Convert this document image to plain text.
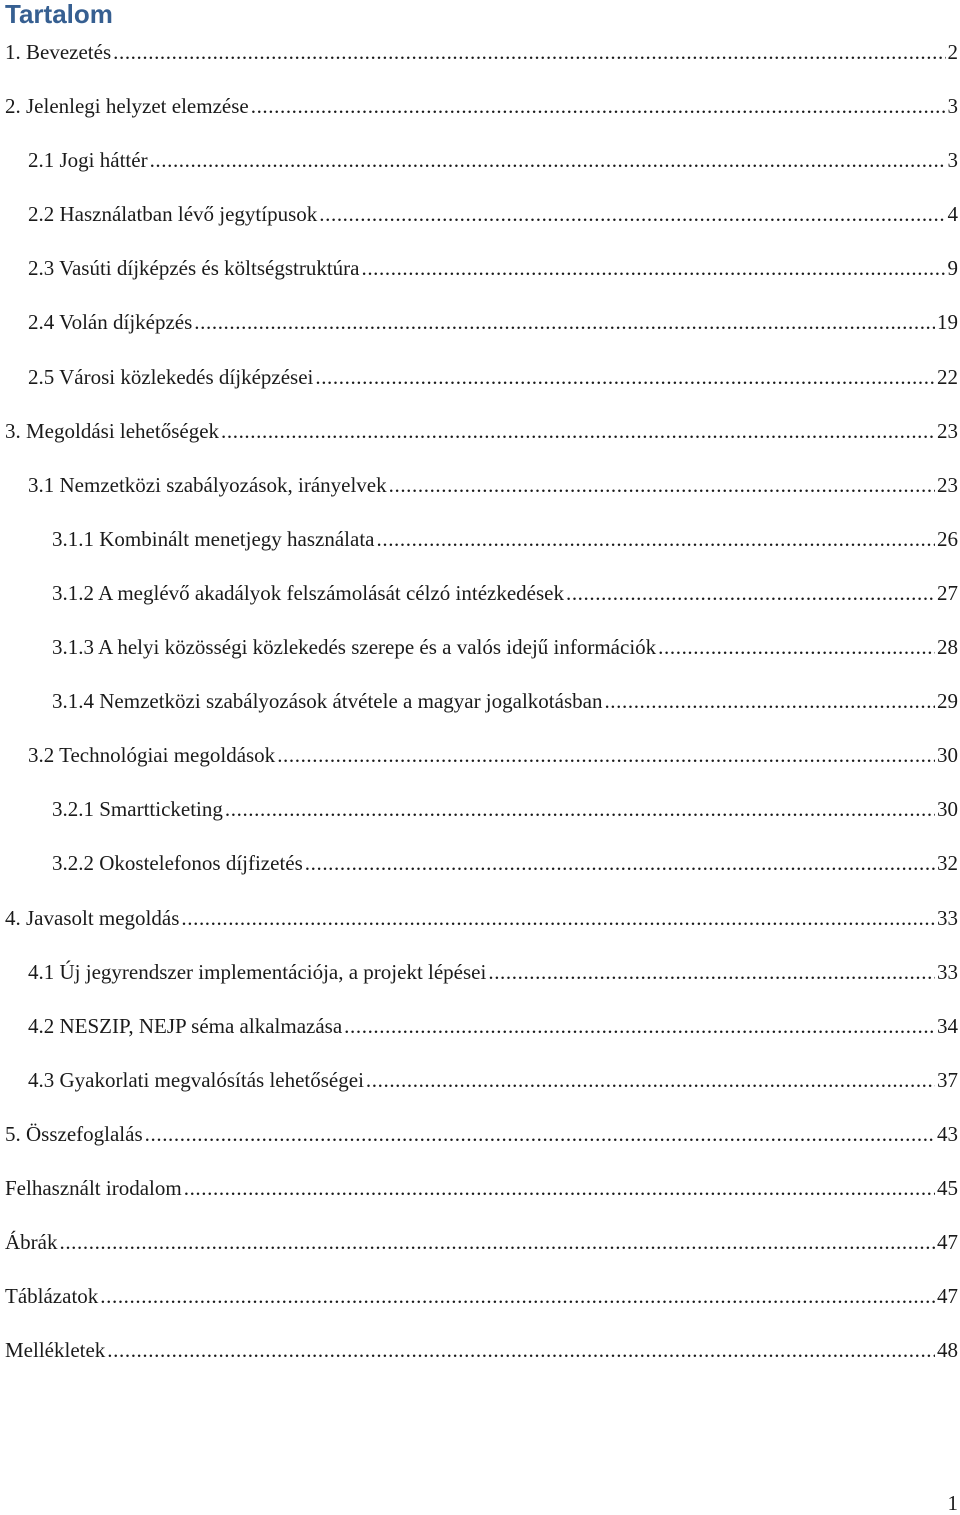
Tartalom
1. Bevezetés .....	2
2. Jelenlegi helyzet elemzése .....	3
2.1 Jogi háttér .....	3
2.2 Használatban lévő jegytípusok .....	4
2.3 Vasúti díjképzés és költségstruktúra .....	9
2.4 Volán díjképzés .....	19
2.5 Városi közlekedés díjképzései .....	22
3. Megoldási lehetőségek .....	23
3.1 Nemzetközi szabályozások, irányelvek .....	23
3.1.1 Kombinált menetjegy használata .....	26
3.1.2 A meglévő akadályok felszámolását célzó intézkedések .....	27
3.1.3 A helyi közösségi közlekedés szerepe és a valós idejű információk .....	28
3.1.4 Nemzetközi szabályozások átvétele a magyar jogalkotásban .....	29
3.2 Technológiai megoldások .....	30
3.2.1 Smartticketing .....	30
3.2.2 Okostelefonos díjfizetés .....	32
4. Javasolt megoldás .....	33
4.1 Új jegyrendszer implementációja, a projekt lépései .....	33
4.2 NESZIP, NEJP séma alkalmazása .....	34
4.3 Gyakorlati megvalósítás lehetőségei .....	37
5. Összefoglalás .....	43
Felhasznált irodalom .....	45
Ábrák .....	47
Táblázatok .....	47
Mellékletek .....	48

1
